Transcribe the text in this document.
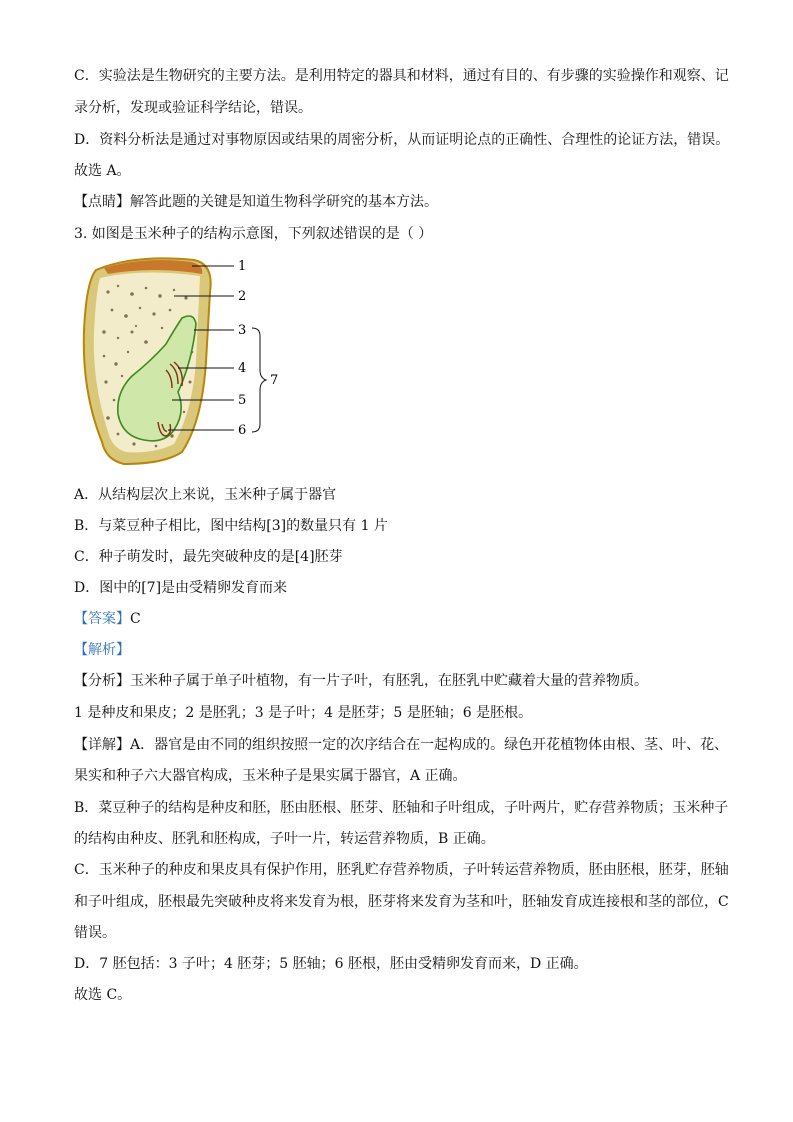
C．实验法是生物研究的主要方法。是利用特定的器具和材料，通过有目的、有步骤的实验操作和观察、记
录分析，发现或验证科学结论，错误。
D．资料分析法是通过对事物原因或结果的周密分析，从而证明论点的正确性、合理性的论证方法，错误。
故选 A。
【点睛】解答此题的关键是知道生物科学研究的基本方法。
3. 如图是玉米种子的结构示意图，下列叙述错误的是（ ）
1
2
3
4
5
6
7
A．从结构层次上来说，玉米种子属于器官
B．与菜豆种子相比，图中结构[3]的数量只有 1 片
C．种子萌发时，最先突破种皮的是[4]胚芽
D．图中的[7]是由受精卵发育而来
【答案】C
【解析】
【分析】玉米种子属于单子叶植物，有一片子叶，有胚乳，在胚乳中贮藏着大量的营养物质。
1 是种皮和果皮；2 是胚乳；3 是子叶；4 是胚芽；5 是胚轴；6 是胚根。
【详解】A．器官是由不同的组织按照一定的次序结合在一起构成的。绿色开花植物体由根、茎、叶、花、
果实和种子六大器官构成，玉米种子是果实属于器官，A 正确。
B．菜豆种子的结构是种皮和胚，胚由胚根、胚芽、胚轴和子叶组成，子叶两片，贮存营养物质；玉米种子
的结构由种皮、胚乳和胚构成，子叶一片，转运营养物质，B 正确。
C．玉米种子的种皮和果皮具有保护作用，胚乳贮存营养物质，子叶转运营养物质，胚由胚根，胚芽，胚轴
和子叶组成，胚根最先突破种皮将来发育为根，胚芽将来发育为茎和叶，胚轴发育成连接根和茎的部位，C
错误。
D．7 胚包括：3 子叶；4 胚芽；5 胚轴；6 胚根，胚由受精卵发育而来，D 正确。
故选 C。
